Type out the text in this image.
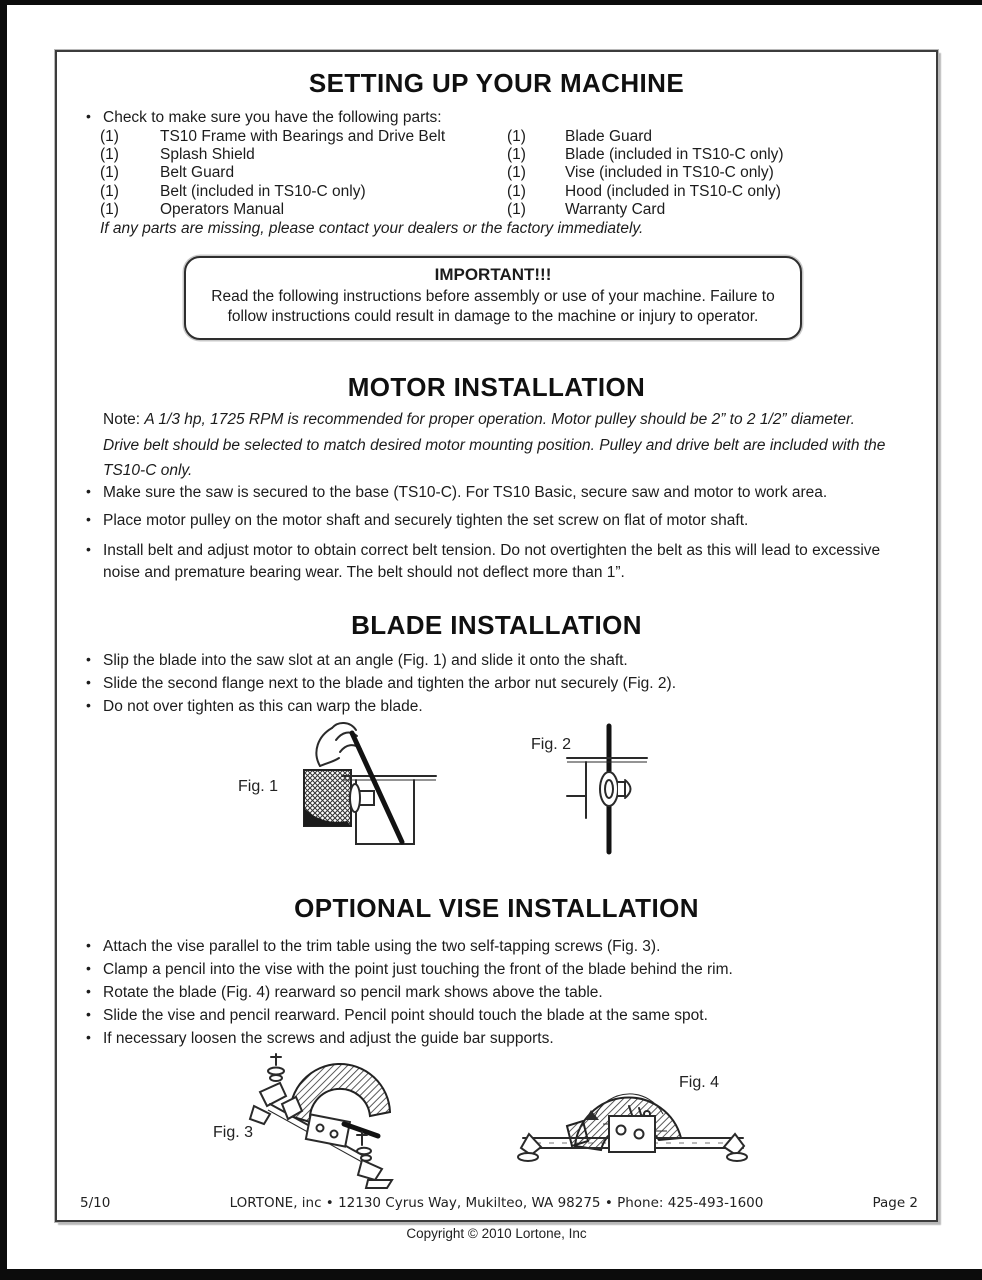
SETTING UP YOUR MACHINE
• Check to make sure you have the following parts:
(1)	TS10 Frame with Bearings and Drive Belt	(1)	Blade Guard
(1)	Splash Shield	(1)	Blade (included in TS10-C only)
(1)	Belt Guard	(1)	Vise (included in TS10-C only)
(1)	Belt (included in TS10-C only)	(1)	Hood (included in TS10-C only)
(1)	Operators Manual	(1)	Warranty Card
If any parts are missing, please contact your dealers or the factory immediately.
IMPORTANT!!!
Read the following instructions before assembly or use of your machine. Failure to
follow instructions could result in damage to the machine or injury to operator.
MOTOR INSTALLATION
Note: A 1/3 hp, 1725 RPM is recommended for proper operation. Motor pulley should be 2” to 2 1/2” diameter. Drive belt should be selected to match desired motor mounting position. Pulley and drive belt are included with the TS10-C only.
• Make sure the saw is secured to the base (TS10-C). For TS10 Basic, secure saw and motor to work area.
• Place motor pulley on the motor shaft and securely tighten the set screw on flat of motor shaft.
• Install belt and adjust motor to obtain correct belt tension. Do not overtighten the belt as this will lead to excessive noise and premature bearing wear. The belt should not deflect more than 1”.
BLADE INSTALLATION
• Slip the blade into the saw slot at an angle (Fig. 1) and slide it onto the shaft.
• Slide the second flange next to the blade and tighten the arbor nut securely (Fig. 2).
• Do not over tighten as this can warp the blade.
Fig. 1
Fig. 2
OPTIONAL VISE INSTALLATION
• Attach the vise parallel to the trim table using the two self-tapping screws (Fig. 3).
• Clamp a pencil into the vise with the point just touching the front of the blade behind the rim.
• Rotate the blade (Fig. 4) rearward so pencil mark shows above the table.
• Slide the vise and pencil rearward. Pencil point should touch the blade at the same spot.
• If necessary loosen the screws and adjust the guide bar supports.
Fig. 3
Fig. 4
LORTONE, inc • 12130 Cyrus Way, Mukilteo, WA 98275 • Phone: 425-493-1600
5/10	Page 2
Copyright © 2010 Lortone, Inc
